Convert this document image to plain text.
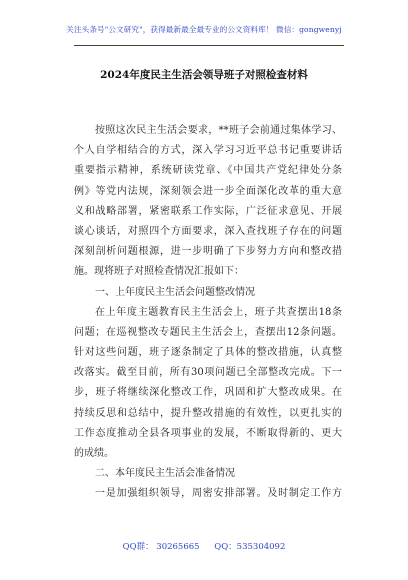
关注头条号"公文研究"，获得最新最全最专业的公文资料库！ 微信：gongwenyj
2024年度民主生活会领导班子对照检查材料
按照这次民主生活会要求，**班子会前通过集体学习、
个人自学相结合的方式，深入学习习近平总书记重要讲话
重要指示精神，系统研读党章、《中国共产党纪律处分条
例》等党内法规，深刻领会进一步全面深化改革的重大意
义和战略部署，紧密联系工作实际，广泛征求意见、开展
谈心谈话，对照四个方面要求，深入查找班子存在的问题
深刻剖析问题根源，进一步明确了下步努力方向和整改措
施。现将班子对照检查情况汇报如下：
一、上年度民主生活会问题整改情况
在上年度主题教育民主生活会上，班子共查摆出18条
问题；在巡视整改专题民主生活会上，查摆出12条问题。
针对这些问题，班子逐条制定了具体的整改措施，认真整
改落实。截至目前，所有30项问题已全部整改完成。下一
步，班子将继续深化整改工作，巩固和扩大整改成果。在
持续反思和总结中，提升整改措施的有效性，以更扎实的
工作态度推动全县各项事业的发展，不断取得新的、更大
的成绩。
二、本年度民主生活会准备情况
一是加强组织领导，周密安排部署。及时制定工作方
QQ群： 30265665 QQ：535304092
